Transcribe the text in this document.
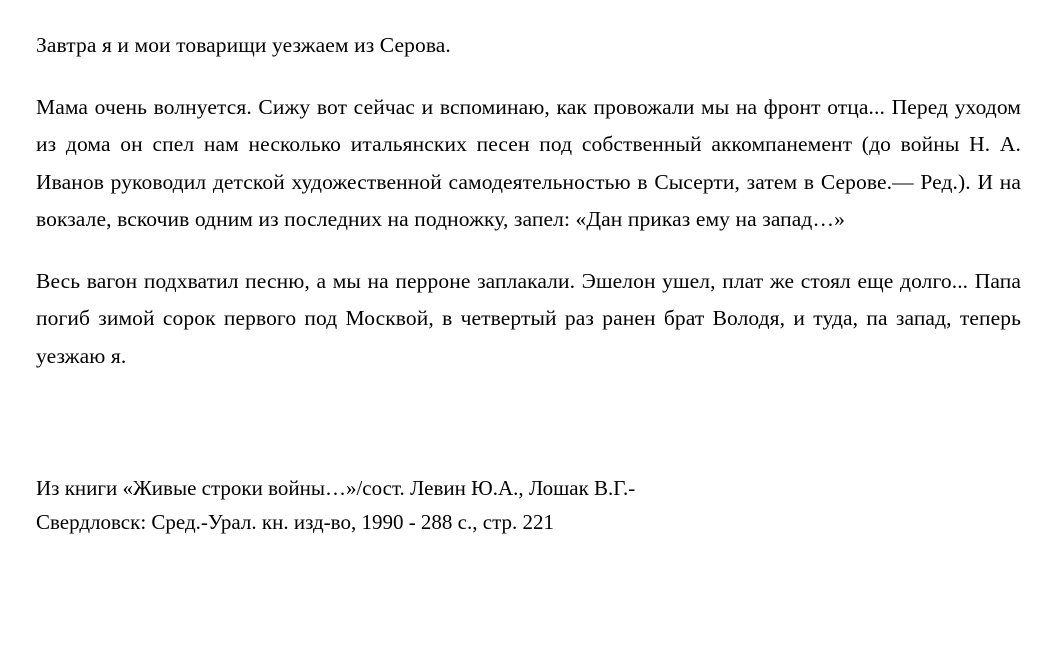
Завтра я и мои товарищи уезжаем из Серова.

Мама очень волнуется. Сижу вот сейчас и вспоминаю, как провожали мы на фронт отца... Перед уходом из дома он спел нам несколько итальянских песен под собственный аккомпанемент (до войны Н. А. Иванов руководил детской художественной самодеятельностью в Сысерти, затем в Серове.— Ред.). И на вокзале, вскочив одним из последних на подножку, запел: «Дан приказ ему на запад…»

Весь вагон подхватил песню, а мы на перроне заплакали. Эшелон ушел, плат же стоял еще долго... Папа погиб зимой сорок первого под Москвой, в четвертый раз ранен брат Володя, и туда, па запад, теперь уезжаю я.

Из книги «Живые строки войны…»/сост. Левин Ю.А., Лошак В.Г.-
Свердловск: Сред.-Урал. кн. изд-во, 1990 - 288 с., стр. 221
